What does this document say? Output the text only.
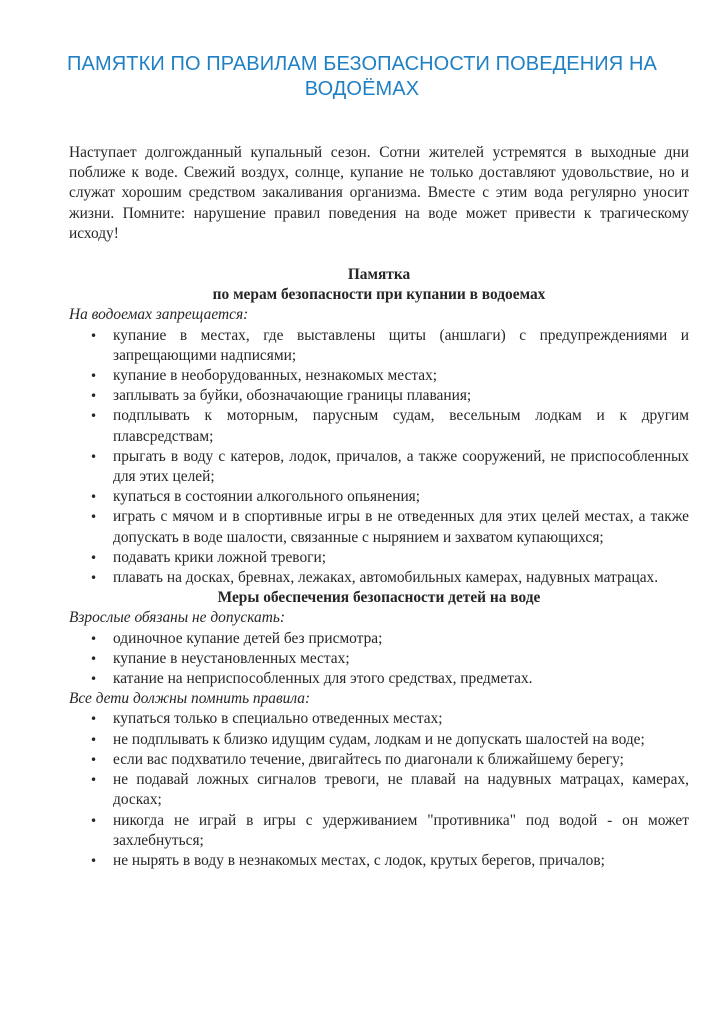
ПАМЯТКИ ПО ПРАВИЛАМ БЕЗОПАСНОСТИ ПОВЕДЕНИЯ НА ВОДОЁМАХ

Наступает долгожданный купальный сезон. Сотни жителей устремятся в выходные дни поближе к воде. Свежий воздух, солнце, купание не только доставляют удовольствие, но и служат хорошим средством закаливания организма. Вместе с этим вода регулярно уносит жизни. Помните: нарушение правил поведения на воде может привести к трагическому исходу!

Памятка

по мерам безопасности при купании в водоемах

На водоемах запрещается:

• купание в местах, где выставлены щиты (аншлаги) с предупреждениями и запрещающими надписями;
• купание в необорудованных, незнакомых местах;
• заплывать за буйки, обозначающие границы плавания;
• подплывать к моторным, парусным судам, весельным лодкам и к другим плавсредствам;
• прыгать в воду с катеров, лодок, причалов, а также сооружений, не приспособленных для этих целей;
• купаться в состоянии алкогольного опьянения;
• играть с мячом и в спортивные игры в не отведенных для этих целей местах, а также допускать в воде шалости, связанные с нырянием и захватом купающихся;
• подавать крики ложной тревоги;
• плавать на досках, бревнах, лежаках, автомобильных камерах, надувных матрацах.

Меры обеспечения безопасности детей на воде

Взрослые обязаны не допускать:

• одиночное купание детей без присмотра;
• купание в неустановленных местах;
• катание на неприспособленных для этого средствах, предметах.

Все дети должны помнить правила:

• купаться только в специально отведенных местах;
• не подплывать к близко идущим судам, лодкам и не допускать шалостей на воде;
• если вас подхватило течение, двигайтесь по диагонали к ближайшему берегу;
• не подавай ложных сигналов тревоги, не плавай на надувных матрацах, камерах, досках;
• никогда не играй в игры с удерживанием "противника" под водой - он может захлебнуться;
• не нырять в воду в незнакомых местах, с лодок, крутых берегов, причалов;
